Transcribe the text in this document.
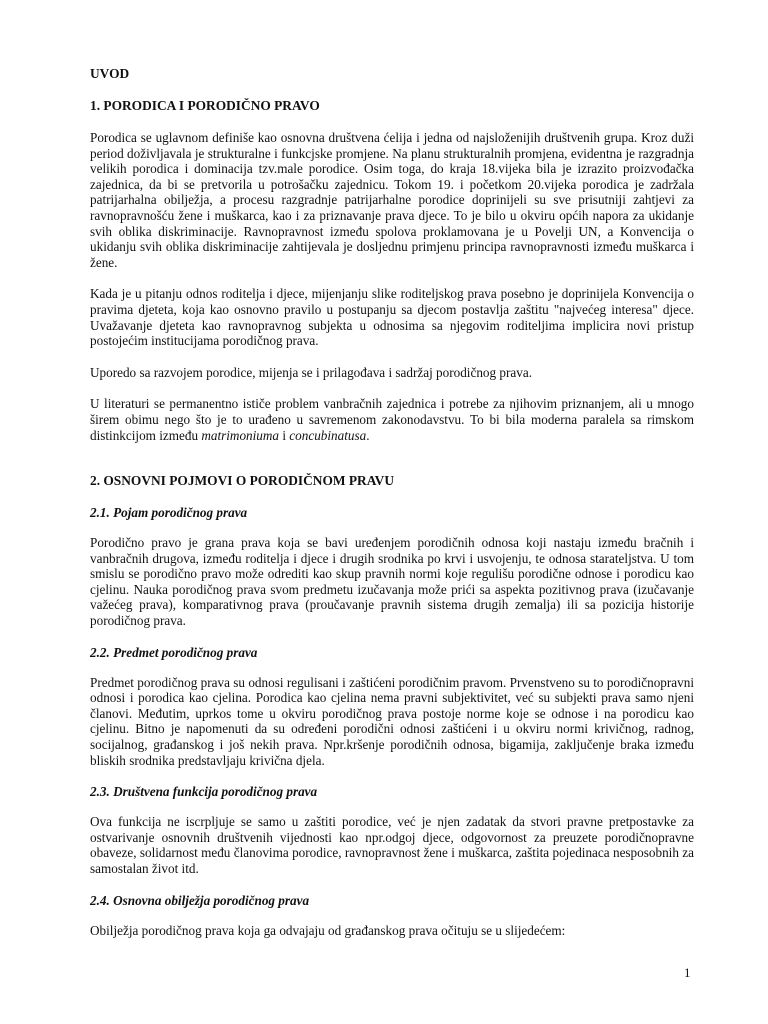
UVOD
1. PORODICA I PORODIČNO PRAVO

Porodica se uglavnom definiše kao osnovna društvena ćelija i jedna od najsloženijih društvenih grupa. Kroz duži period doživljavala je strukturalne i funkcjske promjene. Na planu strukturalnih promjena, evidentna je razgradnja velikih porodica i dominacija tzv.male porodice. Osim toga, do kraja 18.vijeka bila je izrazito proizvođačka zajednica, da bi se pretvorila u potrošačku zajednicu. Tokom 19. i početkom 20.vijeka porodica je zadržala patrijarhalna obilježja, a procesu razgradnje patrijarhalne porodice doprinijeli su sve prisutniji zahtjevi za ravnopravnošću žene i muškarca, kao i za priznavanje prava djece. To je bilo u okviru općih napora za ukidanje svih oblika diskriminacije. Ravnopravnost između spolova proklamovana je u Povelji UN, a Konvencija o ukidanju svih oblika diskriminacije zahtijevala je dosljednu primjenu principa ravnopravnosti između muškarca i žene.

Kada je u pitanju odnos roditelja i djece, mijenjanju slike roditeljskog prava posebno je doprinijela Konvencija o pravima djeteta, koja kao osnovno pravilo u postupanju sa djecom postavlja zaštitu "najvećeg interesa" djece. Uvažavanje djeteta kao ravnopravnog subjekta u odnosima sa njegovim roditeljima implicira novi pristup postojećim institucijama porodičnog prava.

Uporedo sa razvojem porodice, mijenja se i prilagođava i sadržaj porodičnog prava.

U literaturi se permanentno ističe problem vanbračnih zajednica i potrebe za njihovim priznanjem, ali u mnogo širem obimu nego što je to urađeno u savremenom zakonodavstvu. To bi bila moderna paralela sa rimskom distinkcijom između matrimoniuma i concubinatusa.

2. OSNOVNI POJMOVI O PORODIČNOM PRAVU
2.1. Pojam porodičnog prava

Porodično pravo je grana prava koja se bavi uređenjem porodičnih odnosa koji nastaju između bračnih i vanbračnih drugova, između roditelja i djece i drugih srodnika po krvi i usvojenju, te odnosa starateljstva. U tom smislu se porodično pravo može odrediti kao skup pravnih normi koje regulišu porodične odnose i porodicu kao cjelinu. Nauka porodičnog prava svom predmetu izučavanja može prići sa aspekta pozitivnog prava (izučavanje važećeg prava), komparativnog prava (proučavanje pravnih sistema drugih zemalja) ili sa pozicija historije porodičnog prava.

2.2. Predmet porodičnog prava

Predmet porodičnog prava su odnosi regulisani i zaštićeni porodičnim pravom. Prvenstveno su to porodičnopravni odnosi i porodica kao cjelina. Porodica kao cjelina nema pravni subjektivitet, već su subjekti prava samo njeni članovi. Međutim, uprkos tome u okviru porodičnog prava postoje norme koje se odnose i na porodicu kao cjelinu. Bitno je napomenuti da su određeni porodični odnosi zaštićeni i u okviru normi krivičnog, radnog, socijalnog, građanskog i još nekih prava. Npr.kršenje porodičnih odnosa, bigamija, zaključenje braka između bliskih srodnika predstavljaju krivična djela.

2.3. Društvena funkcija porodičnog prava

Ova funkcija ne iscrpljuje se samo u zaštiti porodice, već je njen zadatak da stvori pravne pretpostavke za ostvarivanje osnovnih društvenih vijednosti kao npr.odgoj djece, odgovornost za preuzete porodičnopravne obaveze, solidarnost među članovima porodice, ravnopravnost žene i muškarca, zaštita pojedinaca nesposobnih za samostalan život itd.

2.4. Osnovna obilježja porodičnog prava

Obilježja porodičnog prava koja ga odvajaju od građanskog prava očituju se u slijedećem:

1
